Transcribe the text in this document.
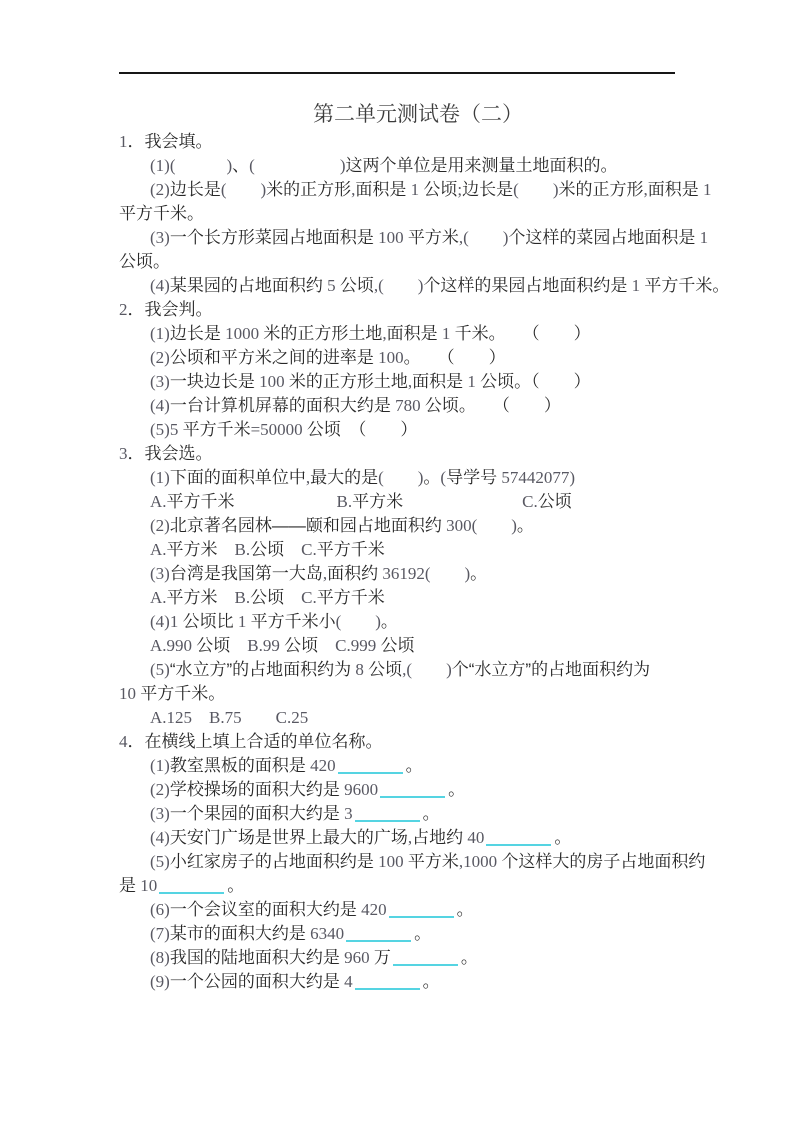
第二单元测试卷（二）
1．我会填。
(1)(　　　	)、(　　　　　	)这两个单位是用来测量土地面积的。
(2)边长是(　　 )米的正方形,面积是 1 公顷;边长是(　　 )米的正方形,面积是 1
平方千米。
(3)一个长方形菜园占地面积是 100 平方米,(　　 )个这样的菜园占地面积是 1
公顷。
(4)某果园的占地面积约 5 公顷,(　　 )个这样的果园占地面积约是 1 平方千米。
2．我会判。
(1)边长是 1000 米的正方形土地,面积是 1 千米。　　（　　）
(2)公顷和平方米之间的进率是 100。　　（　　）
(3)一块边长是 100 米的正方形土地,面积是 1 公顷。（　　）
(4)一台计算机屏幕的面积大约是 780 公顷。　　（　　）
(5)5 平方千米=50000 公顷　（　　）
3．我会选。
(1)下面的面积单位中,最大的是(　　 )。(导学号 57442077)
A.平方千米　　　　　　B.平方米　　　　　　　C.公顷
(2)北京著名园林——颐和园占地面积约 300(　　 )。
A.平方米　B.公顷　C.平方千米
(3)台湾是我国第一大岛,面积约 36192(　　 )。
A.平方米　B.公顷　C.平方千米
(4)1 公顷比 1 平方千米小(　　 )。
A.990 公顷　B.99 公顷　C.999 公顷
(5)“水立方”的占地面积约为 8 公顷,(　　 )个“水立方”的占地面积约为
10 平方千米。
A.125　 B.75　　 C.25
4．在横线上填上合适的单位名称。
(1)教室黑板的面积是 420	。
(2)学校操场的面积大约是 9600	。
(3)一个果园的面积大约是 3	。
(4)天安门广场是世界上最大的广场,占地约 40	。
(5)小红家房子的占地面积约是 100 平方米,1000 个这样大的房子占地面积约
是 10	。
(6)一个会议室的面积大约是 420	。
(7)某市的面积大约是 6340	。
(8)我国的陆地面积大约是 960 万	。
(9)一个公园的面积大约是 4	。
